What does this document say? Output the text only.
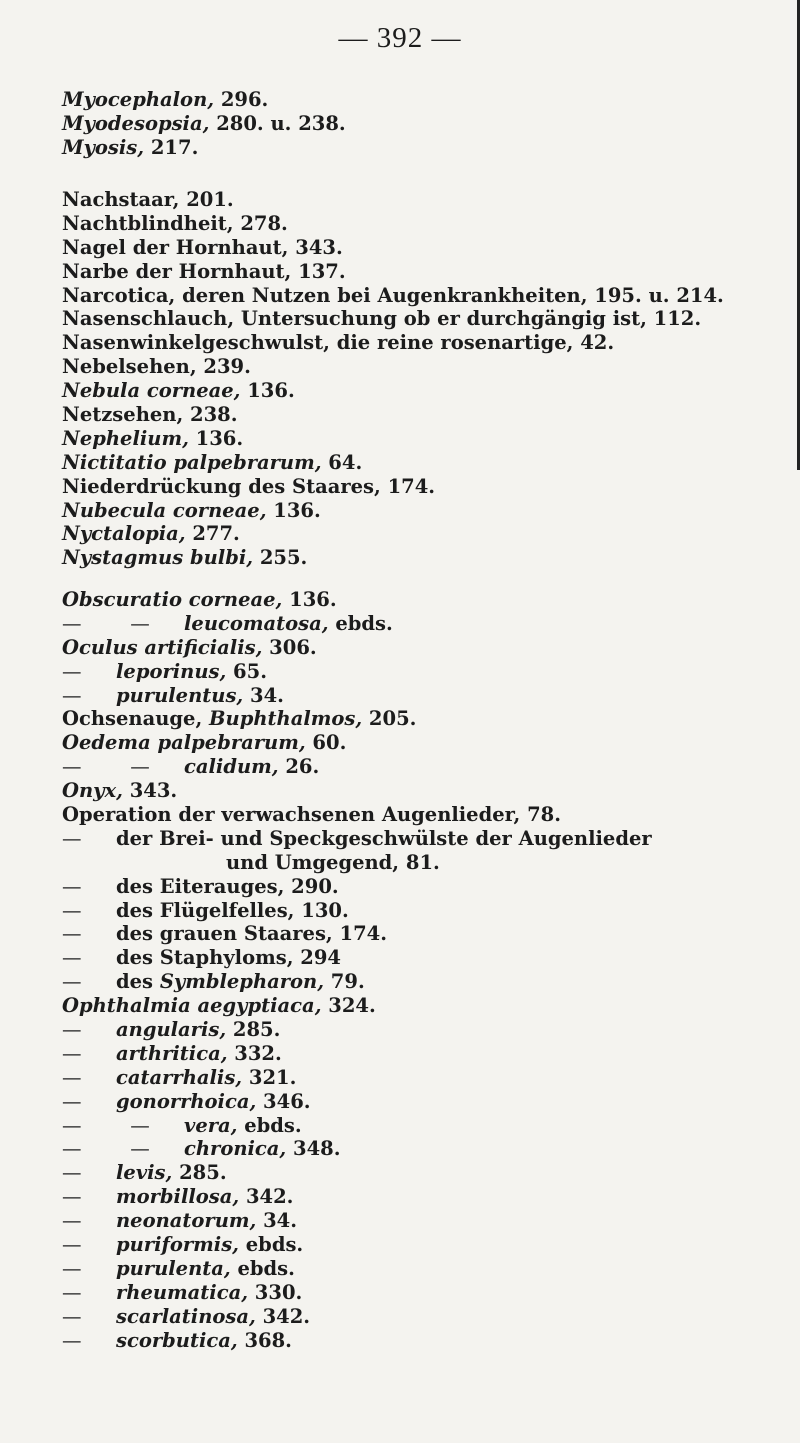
— 392 —
Myocephalon, 296.
Myodesopsia, 280. u. 238.
Myosis, 217.
Nachstaar, 201.
Nachtblindheit, 278.
Nagel der Hornhaut, 343.
Narbe der Hornhaut, 137.
Narcotica, deren Nutzen bei Augenkrankheiten, 195. u. 214.
Nasenschlauch, Untersuchung ob er durchgängig ist, 112.
Nasenwinkelgeschwulst, die reine rosenartige, 42.
Nebelsehen, 239.
Nebula corneae, 136.
Netzsehen, 238.
Nephelium, 136.
Nictitatio palpebrarum, 64.
Niederdrückung des Staares, 174.
Nubecula corneae, 136.
Nyctalopia, 277.
Nystagmus bulbi, 255.
Obscuratio corneae, 136.
—	— leucomatosa, ebds.
Oculus artificialis, 306.
— leporinus, 65.
— purulentus, 34.
Ochsenauge, Buphthalmos, 205.
Oedema palpebrarum, 60.
—	— calidum, 26.
Onyx, 343.
Operation der verwachsenen Augenlieder, 78.
— der Brei- und Speckgeschwülste der Augenlieder
und Umgegend, 81.
— des Eiterauges, 290.
— des Flügelfelles, 130.
— des grauen Staares, 174.
— des Staphyloms, 294
— des Symblepharon, 79.
Ophthalmia aegyptiaca, 324.
— angularis, 285.
— arthritica, 332.
— catarrhalis, 321.
— gonorrhoica, 346.
—	— vera, ebds.
—	— chronica, 348.
— levis, 285.
— morbillosa, 342.
— neonatorum, 34.
— puriformis, ebds.
— purulenta, ebds.
— rheumatica, 330.
— scarlatinosa, 342.
— scorbutica, 368.
